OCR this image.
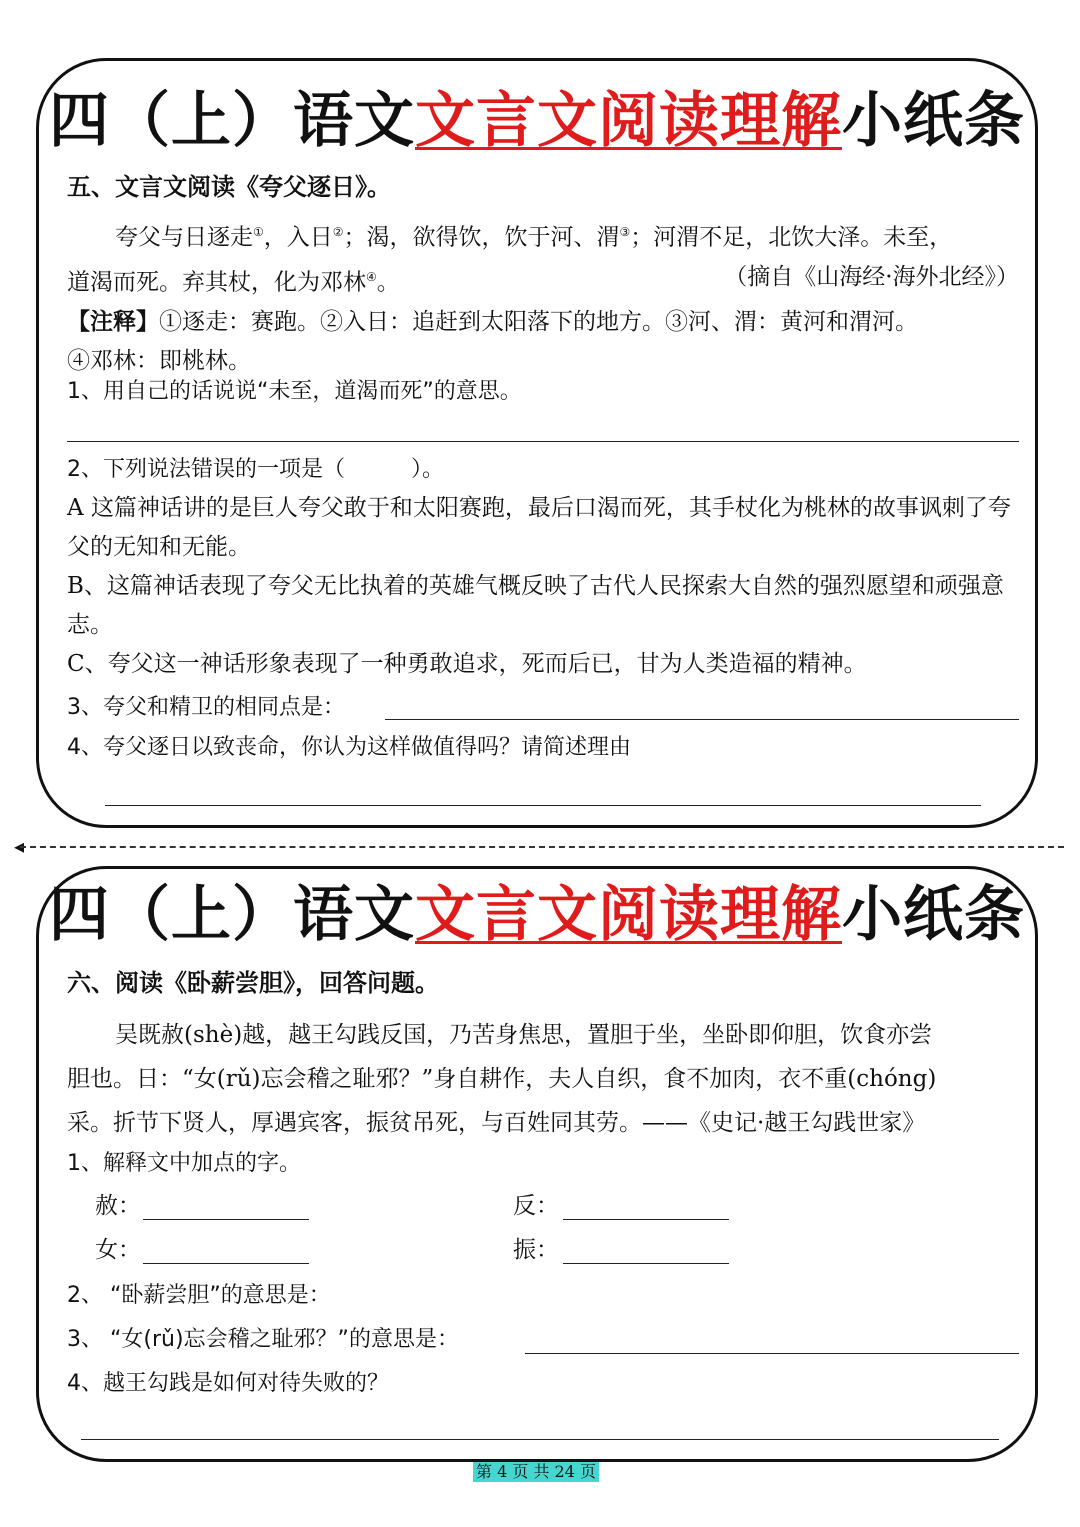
四（上）语文文言文阅读理解小纸条
五、文言文阅读《夸父逐日》。
夸父与日逐走①，入日②；渴，欲得饮，饮于河、渭③；河渭不足，北饮大泽。未至，
道渴而死。弃其杖，化为邓林④。	（摘自《山海经·海外北经》）
【注释】①逐走：赛跑。②入日：追赶到太阳落下的地方。③河、渭：黄河和渭河。
④邓林：即桃林。
1、用自己的话说说“未至，道渴而死”的意思。
2、下列说法错误的一项是（　　　）。
A 这篇神话讲的是巨人夸父敢于和太阳赛跑，最后口渴而死，其手杖化为桃林的故事讽刺了夸父的无知和无能。
B、这篇神话表现了夸父无比执着的英雄气概反映了古代人民探索大自然的强烈愿望和顽强意志。
C、夸父这一神话形象表现了一种勇敢追求，死而后已，甘为人类造福的精神。
3、夸父和精卫的相同点是：
4、夸父逐日以致丧命，你认为这样做值得吗？请简述理由
◂
四（上）语文文言文阅读理解小纸条
六、阅读《卧薪尝胆》，回答问题。
吴既赦(shè)越，越王勾践反国，乃苦身焦思，置胆于坐，坐卧即仰胆，饮食亦尝
胆也。日：“女(rǔ)忘会稽之耻邪？”身自耕作，夫人自织，食不加肉，衣不重(chóng)
采。折节下贤人，厚遇宾客，振贫吊死，与百姓同其劳。——《史记·越王勾践世家》
1、解释文中加点的字。
赦：	反：
女：	振：
2、 “卧薪尝胆”的意思是：
3、 “女(rǔ)忘会稽之耻邪？”的意思是：
4、越王勾践是如何对待失败的？
第 4 页 共 24 页
